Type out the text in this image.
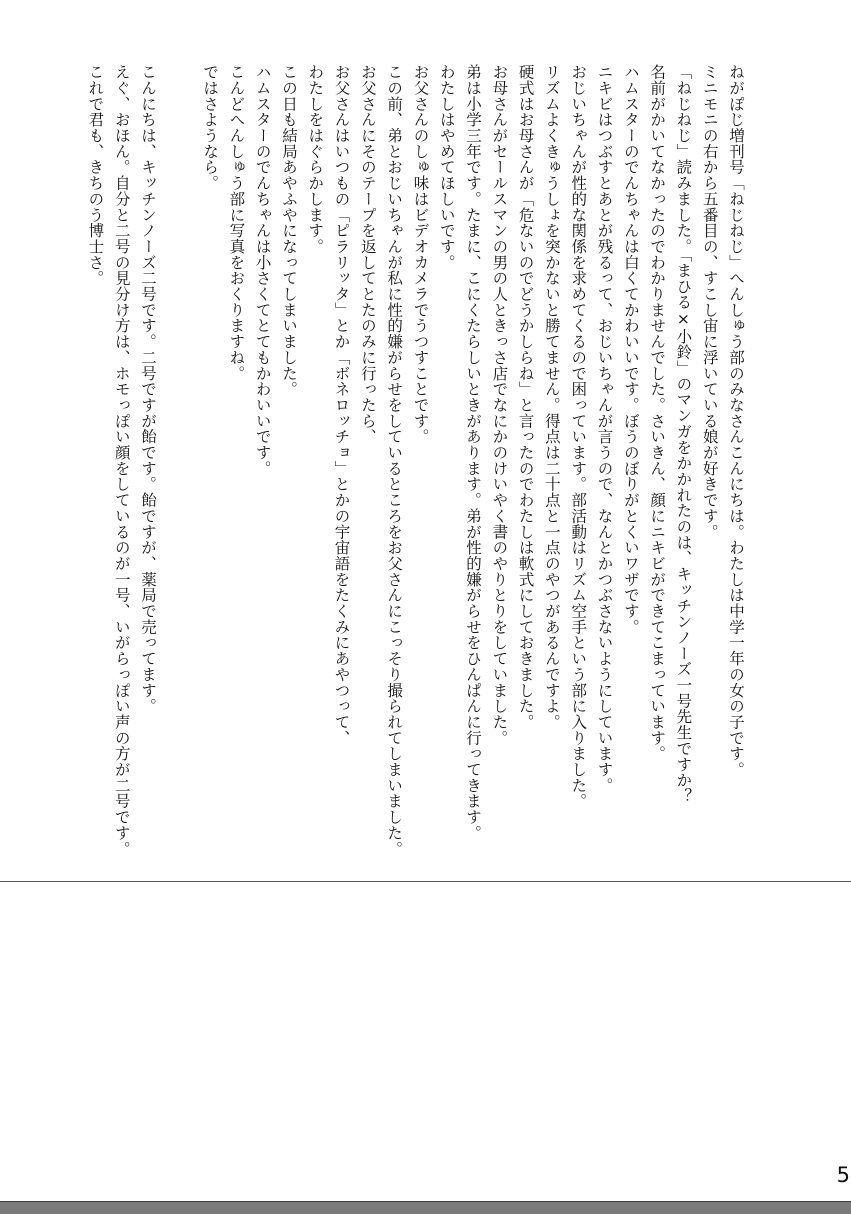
ねがぽじ増刊号「ねじねじ」へんしゅう部のみなさんこんにちは。わたしは中学一年の女の子です。
ミニモニの右から五番目の、すこし宙に浮いている娘が好きです。
「ねじねじ」読みました。「まひる×小鈴」のマンガをかかれたのは、キッチンノーズ一号先生ですか？
名前がかいてなかったのでわかりませんでした。さいきん、顔にニキビができてこまっています。
ハムスターのでんちゃんは白くてかわいいです。ぼうのぼりがとくいワザです。
ニキビはつぶすとあとが残るって、おじいちゃんが言うので、なんとかつぶさないようにしています。
おじいちゃんが性的な関係を求めてくるので困っています。部活動はリズム空手という部に入りました。
リズムよくきゅうしょを突かないと勝てません。得点は二十点と一点のやつがあるんですよ。
硬式はお母さんが「危ないのでどうかしらね」と言ったのでわたしは軟式にしておきました。
お母さんがセールスマンの男の人ときっさ店でなにかのけいやく書のやりとりをしていました。
弟は小学三年です。たまに、こにくたらしいときがあります。弟が性的嫌がらせをひんぱんに行ってきます。
わたしはやめてほしいです。
お父さんのしゅ味はビデオカメラでうつすことです。
この前、弟とおじいちゃんが私に性的嫌がらせをしているところをお父さんにこっそり撮られてしまいました。
お父さんにそのテープを返してとたのみに行ったら、
お父さんはいつもの「ピラリッタ」とか「ボネロッチョ」とかの宇宙語をたくみにあやつって、
わたしをはぐらかします。
この日も結局あやふやになってしまいました。
ハムスターのでんちゃんは小さくてとてもかわいいです。
こんどへんしゅう部に写真をおくりますね。
ではさようなら。
こんにちは、キッチンノーズ二号です。二号ですが飴です。飴ですが、薬局で売ってます。
えぐ、おほん。自分と二号の見分け方は、ホモっぽい顔をしているのが一号、いがらっぽい声の方が二号です。
これで君も、きちのう博士さ。
5
